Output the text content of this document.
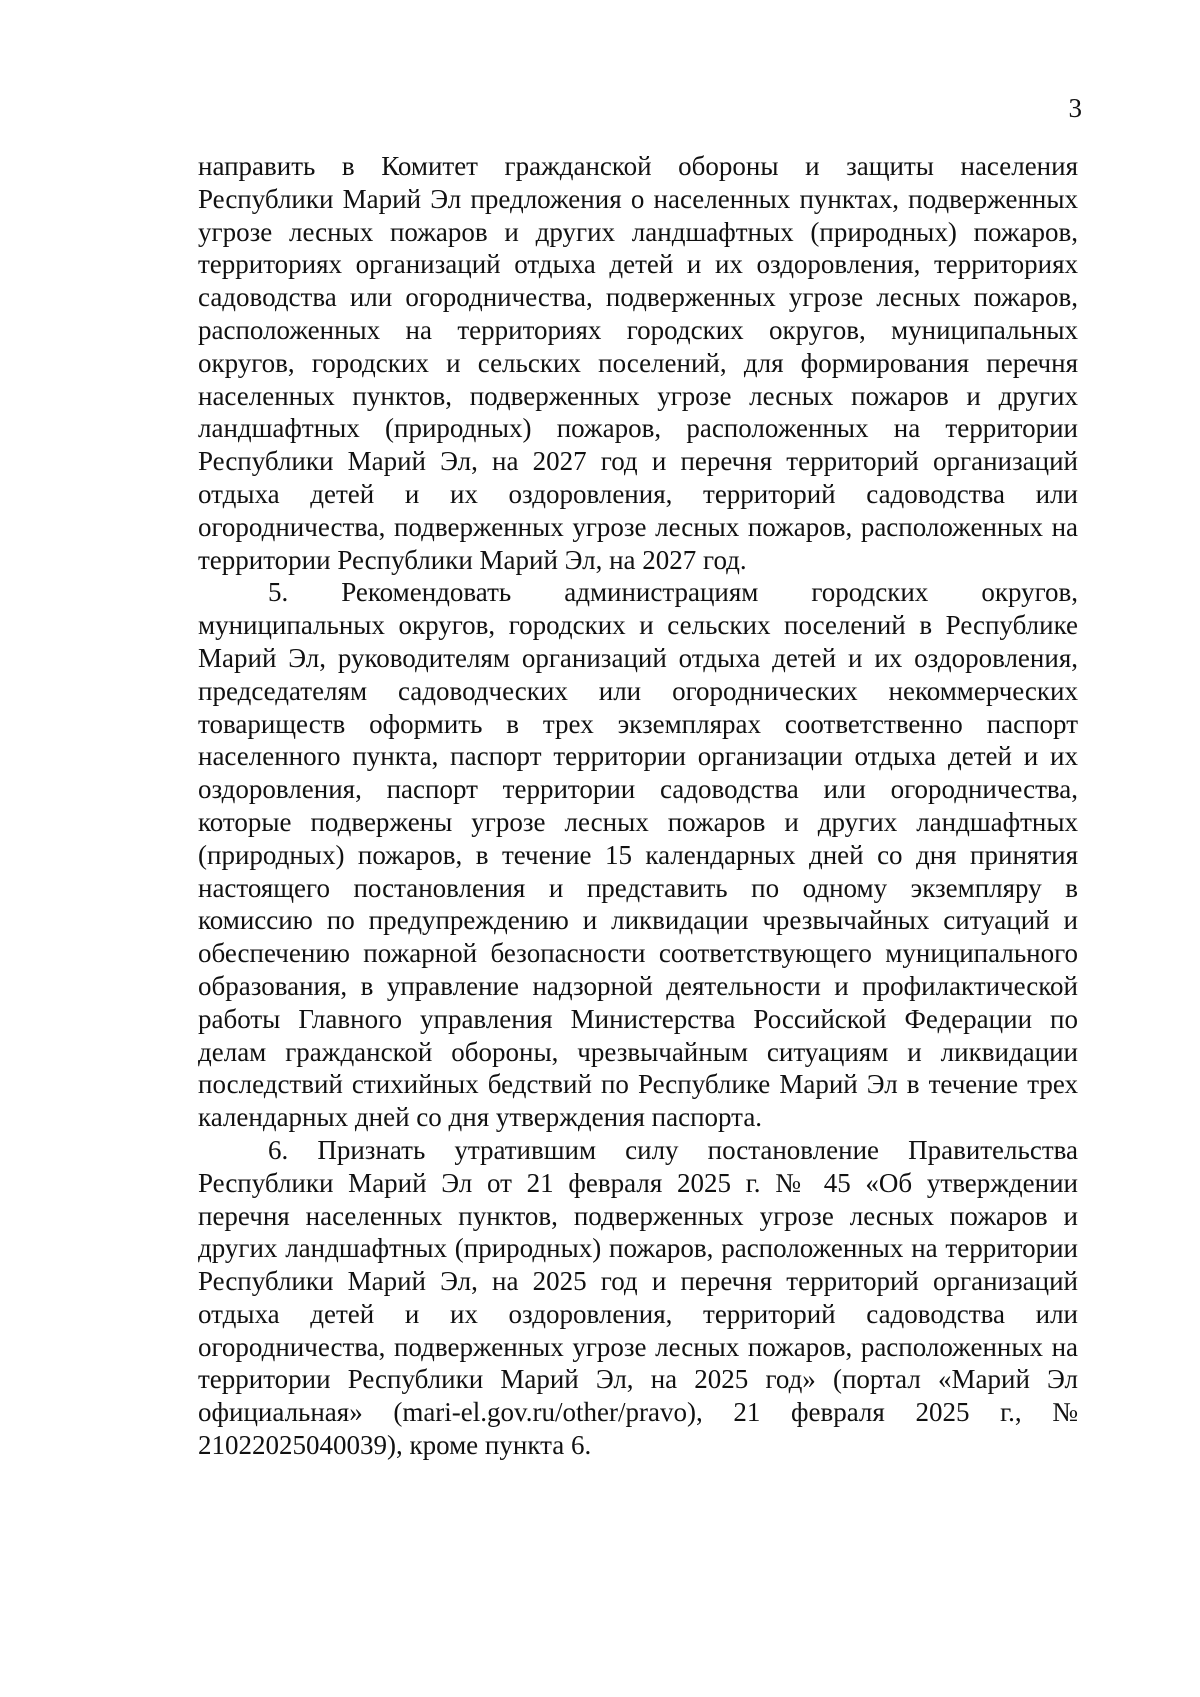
3

направить в Комитет гражданской обороны и защиты населения Республики Марий Эл предложения о населенных пунктах, подверженных угрозе лесных пожаров и других ландшафтных (природных) пожаров, территориях организаций отдыха детей и их оздоровления, территориях садоводства или огородничества, подверженных угрозе лесных пожаров, расположенных на территориях городских округов, муниципальных округов, городских и сельских поселений, для формирования перечня населенных пунктов, подверженных угрозе лесных пожаров и других ландшафтных (природных) пожаров, расположенных на территории Республики Марий Эл, на 2027 год и перечня территорий организаций отдыха детей и их оздоровления, территорий садоводства или огородничества, подверженных угрозе лесных пожаров, расположенных на территории Республики Марий Эл, на 2027 год.

5. Рекомендовать администрациям городских округов, муниципальных округов, городских и сельских поселений в Республике Марий Эл, руководителям организаций отдыха детей и их оздоровления, председателям садоводческих или огороднических некоммерческих товариществ оформить в трех экземплярах соответственно паспорт населенного пункта, паспорт территории организации отдыха детей и их оздоровления, паспорт территории садоводства или огородничества, которые подвержены угрозе лесных пожаров и других ландшафтных (природных) пожаров, в течение 15 календарных дней со дня принятия настоящего постановления и представить по одному экземпляру в комиссию по предупреждению и ликвидации чрезвычайных ситуаций и обеспечению пожарной безопасности соответствующего муниципального образования, в управление надзорной деятельности и профилактической работы Главного управления Министерства Российской Федерации по делам гражданской обороны, чрезвычайным ситуациям и ликвидации последствий стихийных бедствий по Республике Марий Эл в течение трех календарных дней со дня утверждения паспорта.

6. Признать утратившим силу постановление Правительства Республики Марий Эл от 21 февраля 2025 г. № 45 «Об утверждении перечня населенных пунктов, подверженных угрозе лесных пожаров и других ландшафтных (природных) пожаров, расположенных на территории Республики Марий Эл, на 2025 год и перечня территорий организаций отдыха детей и их оздоровления, территорий садоводства или огородничества, подверженных угрозе лесных пожаров, расположенных на территории Республики Марий Эл, на 2025 год» (портал «Марий Эл официальная» (mari-el.gov.ru/other/pravo), 21 февраля 2025 г., № 21022025040039), кроме пункта 6.
